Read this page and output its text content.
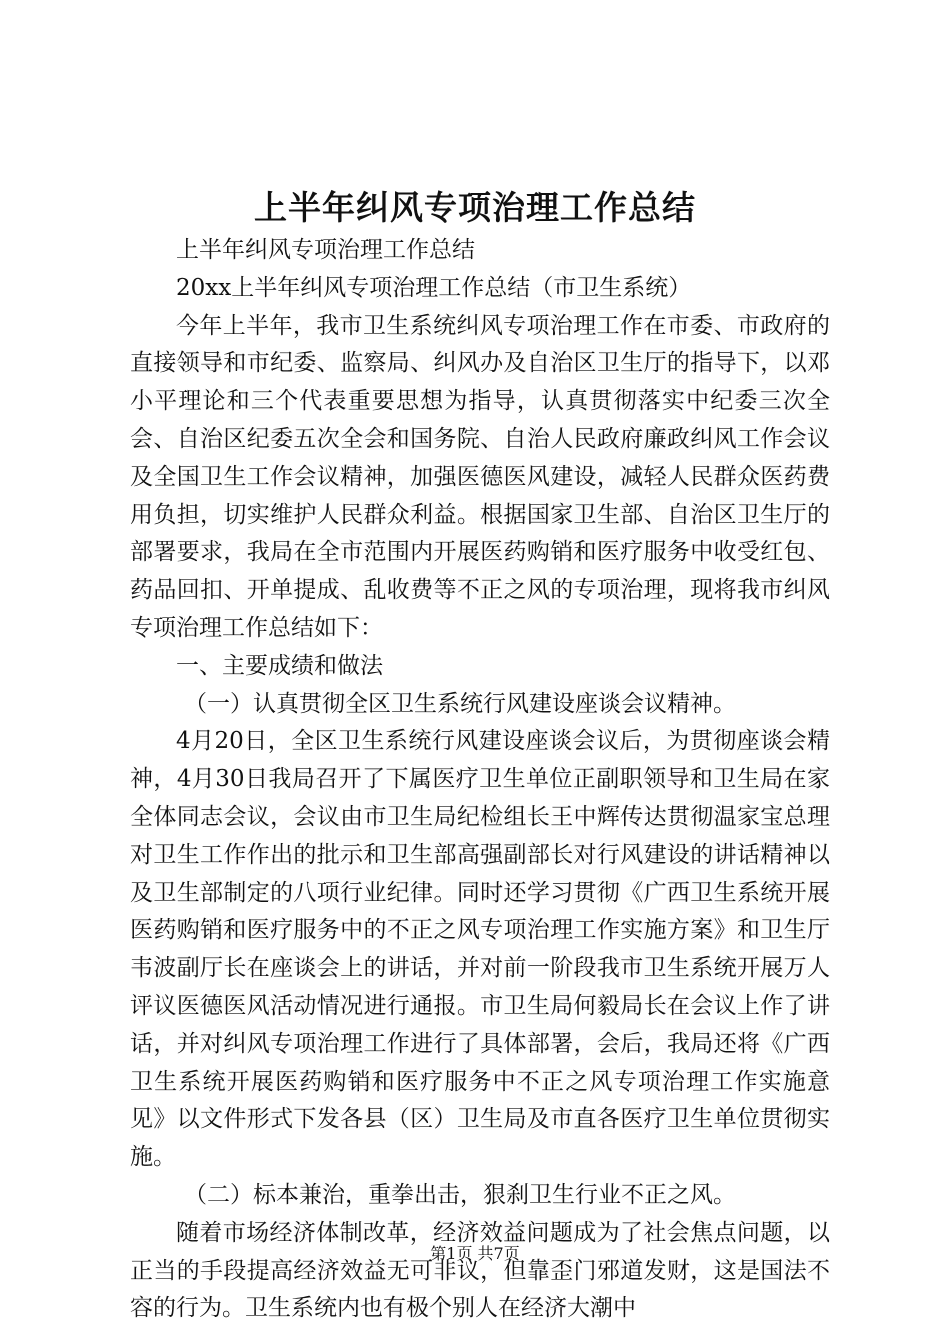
上半年纠风专项治理工作总结

上半年纠风专项治理工作总结

20xx上半年纠风专项治理工作总结（市卫生系统）

今年上半年，我市卫生系统纠风专项治理工作在市委、市政府的直接领导和市纪委、监察局、纠风办及自治区卫生厅的指导下，以邓小平理论和三个代表重要思想为指导，认真贯彻落实中纪委三次全会、自治区纪委五次全会和国务院、自治人民政府廉政纠风工作会议及全国卫生工作会议精神，加强医德医风建设，减轻人民群众医药费用负担，切实维护人民群众利益。根据国家卫生部、自治区卫生厅的部署要求，我局在全市范围内开展医药购销和医疗服务中收受红包、药品回扣、开单提成、乱收费等不正之风的专项治理，现将我市纠风专项治理工作总结如下：

一、主要成绩和做法

（一）认真贯彻全区卫生系统行风建设座谈会议精神。

4月20日，全区卫生系统行风建设座谈会议后，为贯彻座谈会精神，4月30日我局召开了下属医疗卫生单位正副职领导和卫生局在家全体同志会议，会议由市卫生局纪检组长王中辉传达贯彻温家宝总理对卫生工作作出的批示和卫生部高强副部长对行风建设的讲话精神以及卫生部制定的八项行业纪律。同时还学习贯彻《广西卫生系统开展医药购销和医疗服务中的不正之风专项治理工作实施方案》和卫生厅韦波副厅长在座谈会上的讲话，并对前一阶段我市卫生系统开展万人评议医德医风活动情况进行通报。市卫生局何毅局长在会议上作了讲话，并对纠风专项治理工作进行了具体部署，会后，我局还将《广西卫生系统开展医药购销和医疗服务中不正之风专项治理工作实施意见》以文件形式下发各县（区）卫生局及市直各医疗卫生单位贯彻实施。

（二）标本兼治，重拳出击，狠刹卫生行业不正之风。

随着市场经济体制改革，经济效益问题成为了社会焦点问题，以正当的手段提高经济效益无可非议，但靠歪门邪道发财，这是国法不容的行为。卫生系统内也有极个别人在经济大潮中

第1页 共7页
